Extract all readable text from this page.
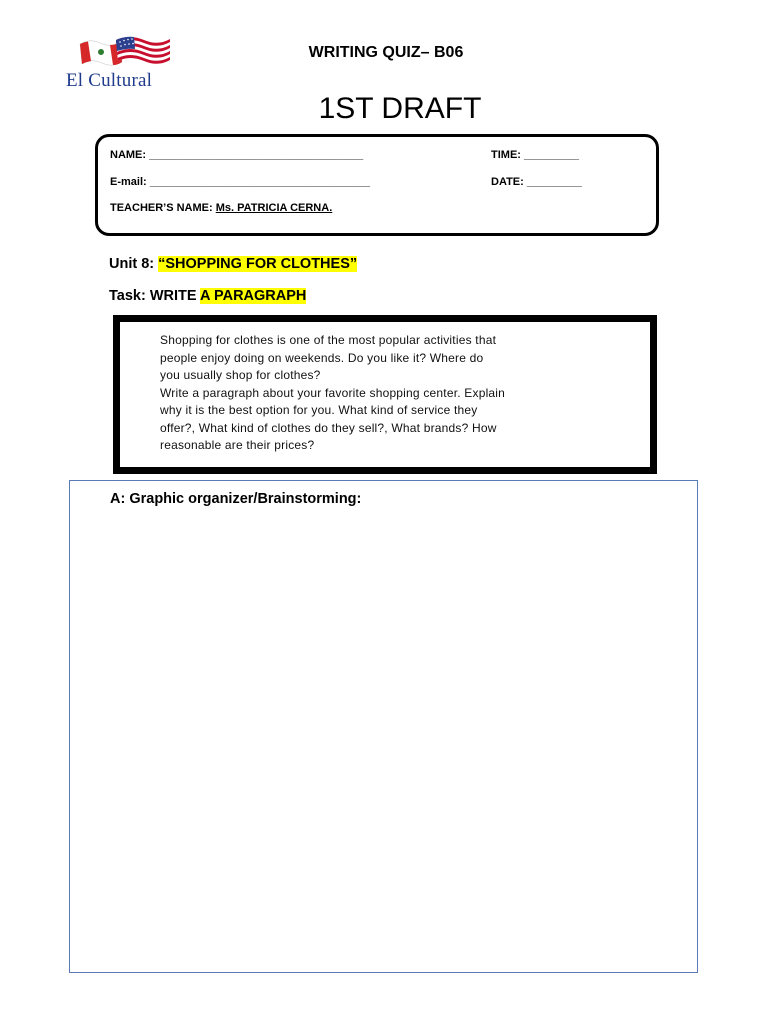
El Cultural
WRITING QUIZ– B06
1ST DRAFT
NAME: ___________________________________	TIME: _________
E-mail: ____________________________________	DATE: _________
TEACHER’S NAME: Ms. PATRICIA CERNA.
Unit 8: “SHOPPING FOR CLOTHES”
Task: WRITE A PARAGRAPH

Shopping for clothes is one of the most popular activities that

people enjoy doing on weekends. Do you like it? Where do

you usually shop for clothes?

Write a paragraph about your favorite shopping center. Explain

why it is the best option for you. What kind of service they

offer?, What kind of clothes do they sell?, What brands? How

reasonable are their prices?

A: Graphic organizer/Brainstorming:
